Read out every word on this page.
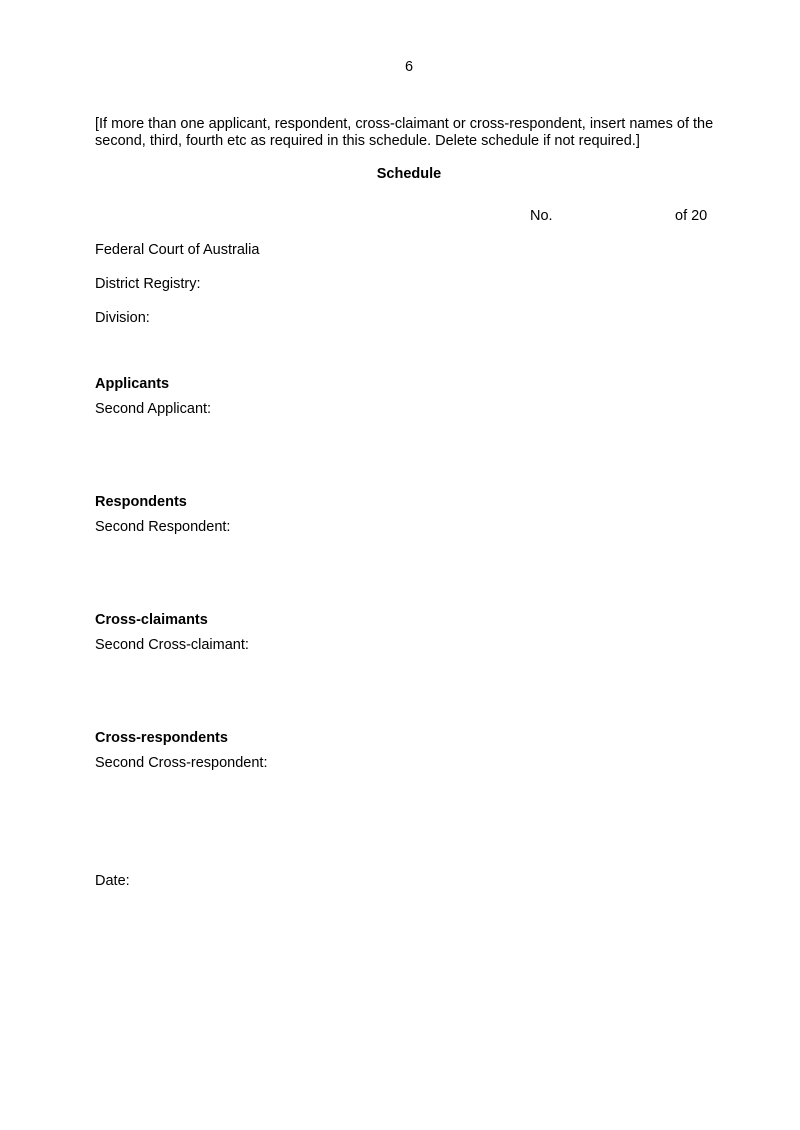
6
[If more than one applicant, respondent, cross-claimant or cross-respondent, insert names of the second, third, fourth etc as required in this schedule. Delete schedule if not required.]
Schedule
No.	of 20
Federal Court of Australia
District Registry:
Division:
Applicants
Second Applicant:
Respondents
Second Respondent:
Cross-claimants
Second Cross-claimant:
Cross-respondents
Second Cross-respondent:
Date:
